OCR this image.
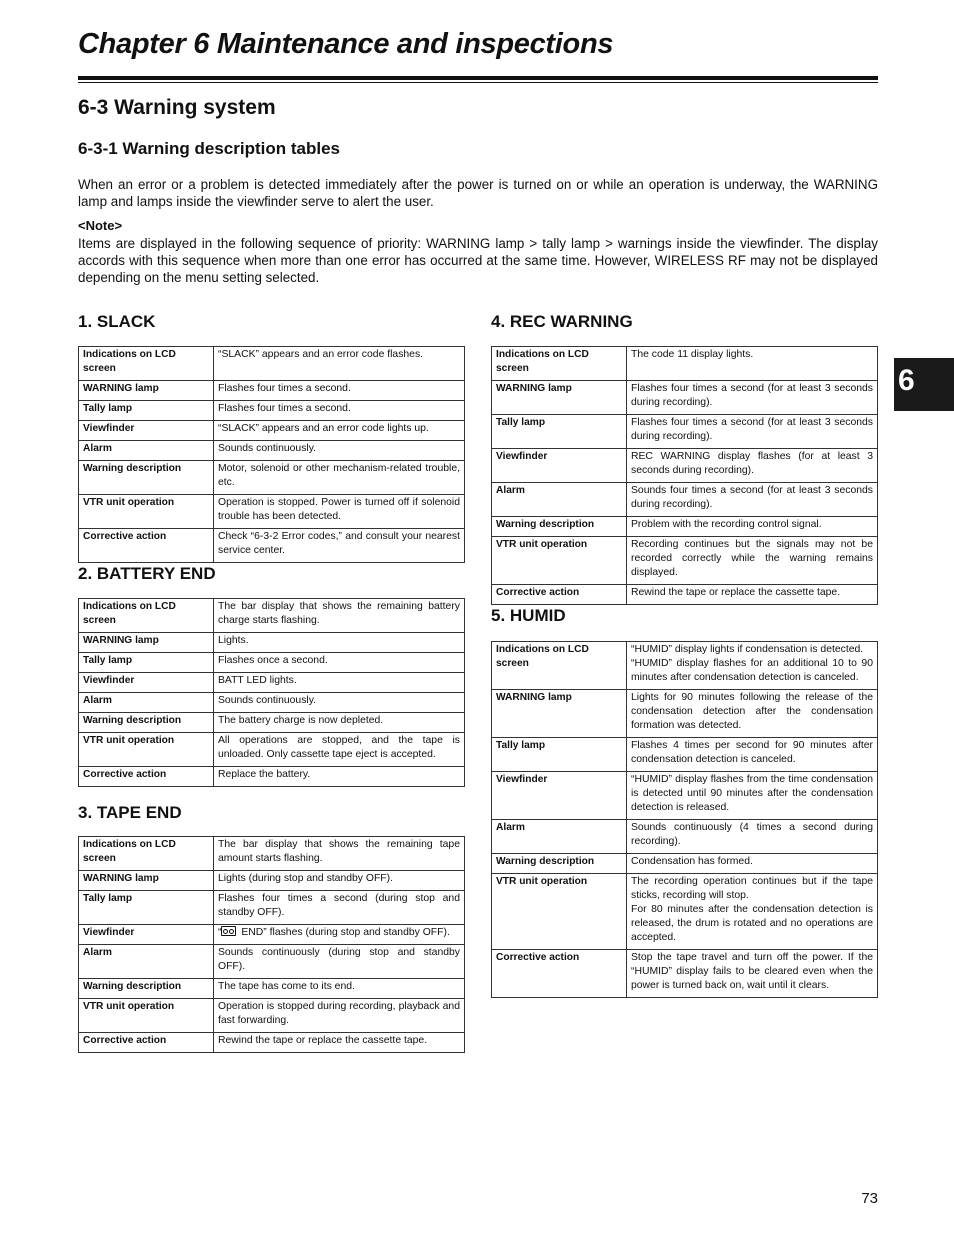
Chapter 6 Maintenance and inspections
6-3 Warning system
6-3-1 Warning description tables

When an error or a problem is detected immediately after the power is turned on or while an operation is underway, the WARNING lamp and lamps inside the viewfinder serve to alert the user.

<Note>

Items are displayed in the following sequence of priority: WARNING lamp > tally lamp > warnings inside the viewfinder. The display accords with this sequence when more than one error has occurred at the same time. However, WIRELESS RF may not be displayed depending on the menu setting selected.

6
1. SLACK
Indications on LCD screen	“SLACK” appears and an error code flashes.
WARNING lamp	Flashes four times a second.
Tally lamp	Flashes four times a second.
Viewfinder	“SLACK” appears and an error code lights up.
Alarm	Sounds continuously.
Warning description	Motor, solenoid or other mechanism-related trouble, etc.
VTR unit operation	Operation is stopped. Power is turned off if solenoid trouble has been detected.
Corrective action	Check “6-3-2 Error codes,” and consult your nearest service center.
2. BATTERY END
Indications on LCD screen	The bar display that shows the remaining battery charge starts flashing.
WARNING lamp	Lights.
Tally lamp	Flashes once a second.
Viewfinder	BATT LED lights.
Alarm	Sounds continuously.
Warning description	The battery charge is now depleted.
VTR unit operation	All operations are stopped, and the tape is unloaded. Only cassette tape eject is accepted.
Corrective action	Replace the battery.
3. TAPE END
Indications on LCD screen	The bar display that shows the remaining tape amount starts flashing.
WARNING lamp	Lights (during stop and standby OFF).
Tally lamp	Flashes four times a second (during stop and standby OFF).
Viewfinder	“ END” flashes (during stop and standby OFF).
Alarm	Sounds continuously (during stop and standby OFF).
Warning description	The tape has come to its end.
VTR unit operation	Operation is stopped during recording, playback and fast forwarding.
Corrective action	Rewind the tape or replace the cassette tape.
4. REC WARNING
Indications on LCD screen	The code 11 display lights.
WARNING lamp	Flashes four times a second (for at least 3 seconds during recording).
Tally lamp	Flashes four times a second (for at least 3 seconds during recording).
Viewfinder	REC WARNING display flashes (for at least 3 seconds during recording).
Alarm	Sounds four times a second (for at least 3 seconds during recording).
Warning description	Problem with the recording control signal.
VTR unit operation	Recording continues but the signals may not be recorded correctly while the warning remains displayed.
Corrective action	Rewind the tape or replace the cassette tape.
5. HUMID
Indications on LCD screen	“HUMID” display lights if condensation is detected.
“HUMID” display flashes for an additional 10 to 90 minutes after condensation detection is canceled.

WARNING lamp	Lights for 90 minutes following the release of the condensation detection after the condensation formation was detected.
Tally lamp	Flashes 4 times per second for 90 minutes after condensation detection is canceled.
Viewfinder	“HUMID” display flashes from the time condensation is detected until 90 minutes after the condensation detection is released.
Alarm	Sounds continuously (4 times a second during recording).
Warning description	Condensation has formed.
VTR unit operation	The recording operation continues but if the tape sticks, recording will stop.
For 80 minutes after the condensation detection is released, the drum is rotated and no operations are accepted.

Corrective action	Stop the tape travel and turn off the power. If the “HUMID” display fails to be cleared even when the power is turned back on, wait until it clears.
73
